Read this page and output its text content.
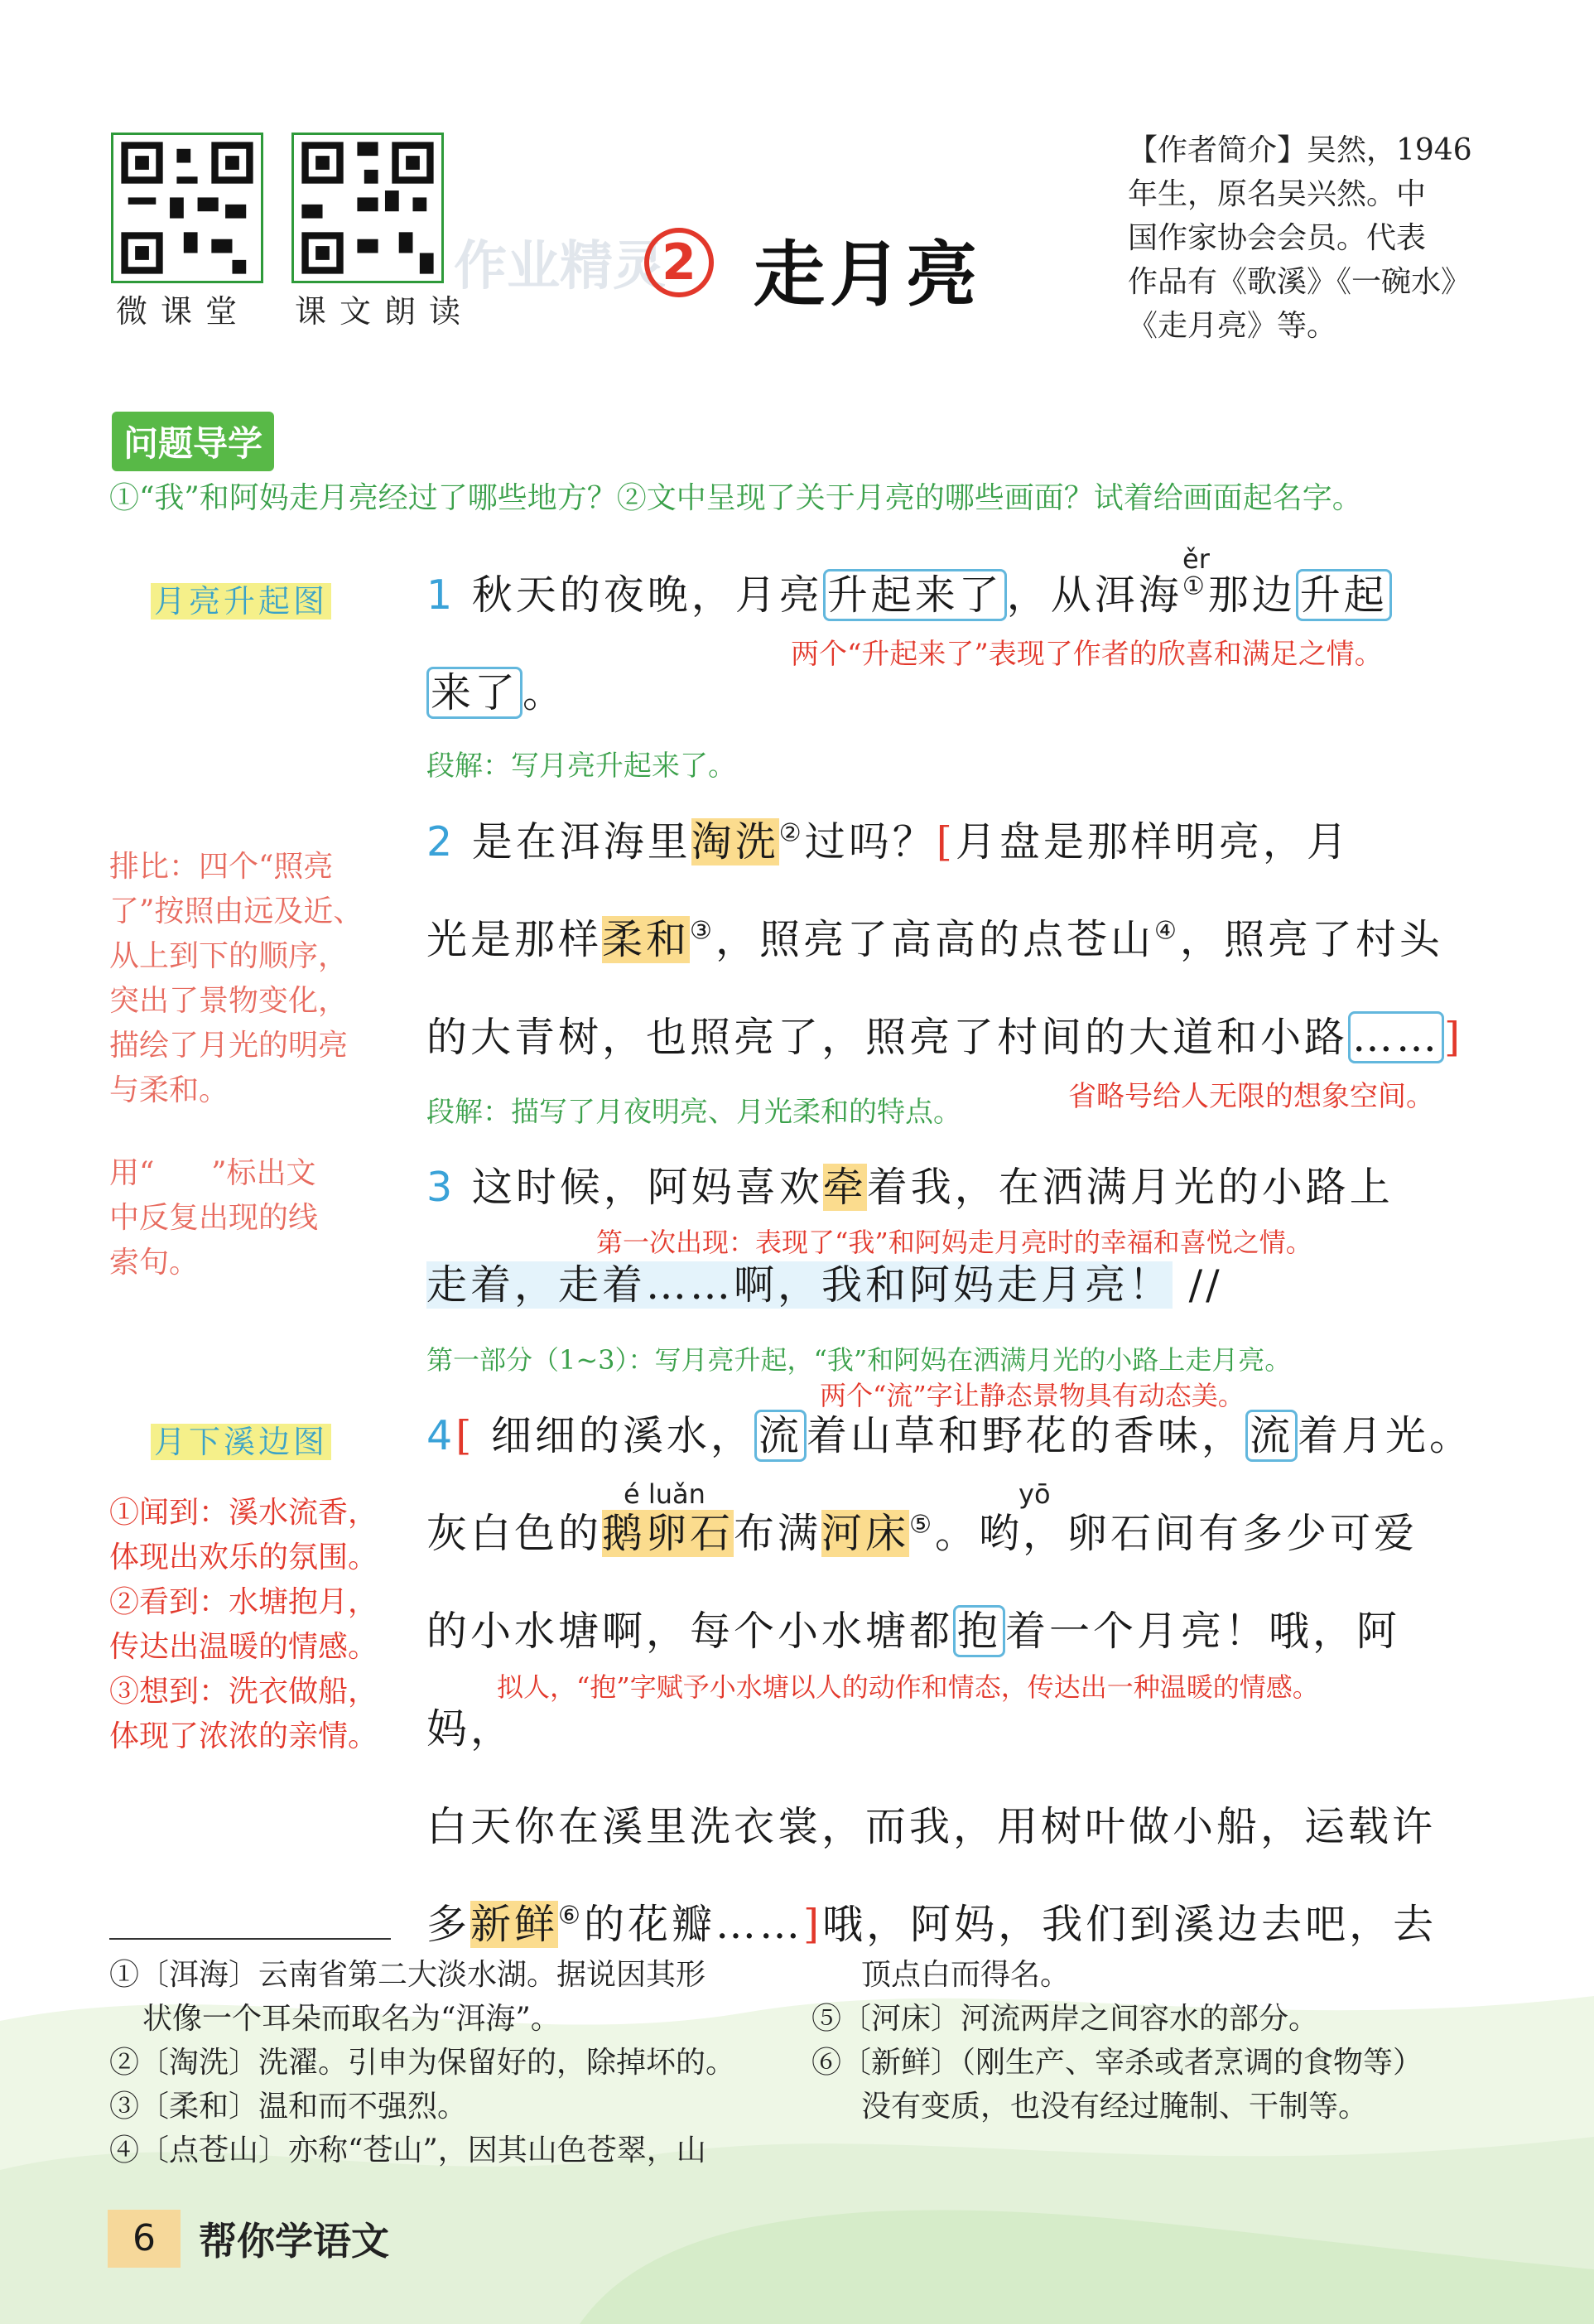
微课堂 课文朗读
作业精灵
2 走月亮
【作者简介】吴然，1946
年生，原名吴兴然。中
国作家协会会员。代表
作品有《歌溪》《一碗水》
《走月亮》等。
问题导学
①“我”和阿妈走月亮经过了哪些地方？②文中呈现了关于月亮的哪些画面？试着给画面起名字。
月亮升起图
排比：四个“照亮
了”按照由远及近、
从上到下的顺序，
突出了景物变化，
描绘了月光的明亮
与柔和。
用“      ”标出文
中反复出现的线
索句。
月下溪边图
①闻到：溪水流香，
体现出欢乐的氛围。
②看到：水塘抱月，
传达出温暖的情感。
③想到：洗衣做船，
体现了浓浓的亲情。
ěr
1 秋天的夜晚，月亮 升起来了 ，从洱海①那边 升起
来了 。
两个“升起来了”表现了作者的欣喜和满足之情。
段解：写月亮升起来了。
2 是在洱海里淘洗②过吗？[月盘是那样明亮，月
光是那样柔和③，照亮了高高的点苍山④，照亮了村头
的大青树，也照亮了，照亮了村间的大道和小路 …… ]
段解：描写了月夜明亮、月光柔和的特点。	省略号给人无限的想象空间。
3 这时候，阿妈喜欢牵着我，在洒满月光的小路上
走着，走着……啊，我和阿妈走月亮！ //
第一次出现：表现了“我”和阿妈走月亮时的幸福和喜悦之情。
第一部分（1~3）：写月亮升起，“我”和阿妈在洒满月光的小路上走月亮。
两个“流”字让静态景物具有动态美。
é luǎn	yō
4[ 细细的溪水， 流 着山草和野花的香味， 流 着月光。
灰白色的鹅卵石布满河床⑤。哟，卵石间有多少可爱
的小水塘啊，每个小水塘都 抱 着一个月亮！哦，阿妈，
白天你在溪里洗衣裳，而我，用树叶做小船，运载许
多新鲜⑥的花瓣……]哦，阿妈，我们到溪边去吧，去
拟人，“抱”字赋予小水塘以人的动作和情态，传达出一种温暖的情感。
①〔洱海〕云南省第二大淡水湖。据说因其形
状像一个耳朵而取名为“洱海”。
②〔淘洗〕洗濯。引申为保留好的，除掉坏的。
③〔柔和〕温和而不强烈。
④〔点苍山〕亦称“苍山”，因其山色苍翠，山
顶点白而得名。
⑤〔河床〕河流两岸之间容水的部分。
⑥〔新鲜〕（刚生产、宰杀或者烹调的食物等）
没有变质，也没有经过腌制、干制等。
6	帮你学语文
